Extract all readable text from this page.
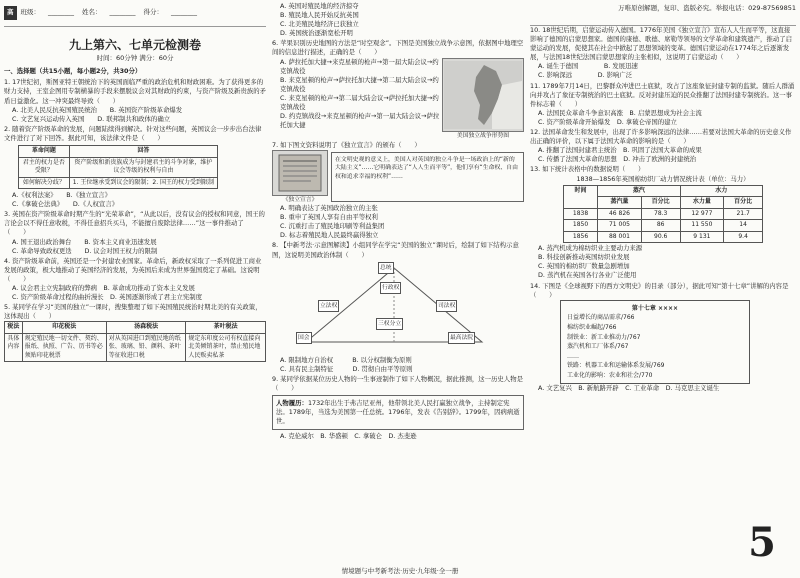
高	班级： ________ 姓名： ________ 得分： ________
九上第六、七单元检测卷
时间：60分钟 满分：60分
一、选择题（共15小题，每小题2分，共30分）
1. 17世纪初，斯图亚特王朝统治下的英国面临严重的政治危机和财政困难。为了获得更多的财力支持，王室企图用专制横暴的手段来摆脱议会对其财政的约束，与资产阶级及新贵族的矛盾日益激化。这一冲突最终导致（　　）
A. 北美人民反抗英国殖民统治　　 B. 英国资产阶级革命爆发
C. 文艺复兴运动传入英国　　 D. 联邦制共和政体的确立
2. 随着资产阶级革命的发展，问题陆续得到解决。针对这些问题，英国议会一步步出台法律文件进行了对下回答。据此可知，该法律文件是（　　）
革命问题	回答
君主的权力是否受限？	资产阶级和新贵族成为与封建君主的斗争对象，维护议会等级的权利与自由
如何解决分歧？	1. 王位继承受到议会的限制；2. 国王的权力受到限制
A.《权利法案》　　 B.《独立宣言》
C.《拿破仑法典》　　 D.《人权宣言》
3. 英国在资产阶级革命时期产生的“光荣革命”，“从此以后，没有议会的授权和同意，国王的言论会以不得任意收税，不得任意招兵买马，不能擅自废除法律……”这一事件推动了（　　）
A. 国王退出政治舞台　　 B. 资本主义商业迅速发展
C. 革命导致政权更迭　　 D. 议会对国王权力的限制
4. 资产阶级革命前，英国还是一个封建农业国家。革命后，新政权采取了一系列促进工商业发展的政策，极大地推动了英国经济的发展，为英国后来成为世界强国奠定了基础。这说明（　　）
A. 议会君主立宪制政府的弊病　 B. 革命成功推动了资本主义发展
C. 资产阶级革命过程的曲折漫长　 D. 英国逐渐形成了君主立宪制度
5. 某同学在学习“美国的独立”一课时，搜集整理了如下英国殖民统治时期北美的有关政策，这体现出（　　）
税法	印花税法	汤森税法	茶叶税法
具体内容	规定殖民地一切文件、契约、报纸、执照、广告、历书等必须贴印花税票	对从英国进口到殖民地的纸张、玻璃、铅、颜料、茶叶等征收进口税	规定东印度公司有权直接向北美倾销茶叶，禁止殖民地人民贩卖私茶
A. 英国对殖民地的经济掠夺
B. 殖民地人民开始反抗英国
C. 北美殖民地经济已获独立
D. 英国统治逐渐宽松开明
6. 苹果识别历史地图的方法是“时空观念”。下图是美国独立战争示意图，依据图中地理空间的信息进行描述，正确的是（　　）
A. 萨拉托加大捷→来克星顿的枪声→第一届大陆会议→约克镇战役
B. 来克星顿的枪声→萨拉托加大捷→第二届大陆会议→约克镇战役
C. 来克星顿的枪声→第二届大陆会议→萨拉托加大捷→约克镇战役
D. 约克镇战役→来克星顿的枪声→第一届大陆会议→萨拉托加大捷
美国独立战争形势图
7. 如下图文资料说明了《独立宣言》的颁布（　　）
《独立宣言》
在文明史观的意义上，美国人对英国的独立斗争是一场政治上的“新的大陆主义”……它明确表达了“人人生而平等”，他们享有“生命权、自由权和追求幸福的权利”……
A. 明确表达了英国政治独立的主张
B. 重申了英国人享有自由平等权利
C. 沉重打击了殖民地印刷等利益集团
D. 标志着殖民地人民最终赢得独立
8. 【中新考法·示意图解读】小组同学在学完“美国的独立”课时后，绘制了如下结构示意图，这说明美国政治体制（　　）
总统
国会	最高法院
立法权
行政权
司法权
三权分立
A. 限制地方自治权　　　	B. 以分权制衡为原则
C. 具有民主制特征　　　	D. 贯彻自由平等原则
9. 某同学依据某位历史人物的一生事迹制作了如下人物概况，据此推测，这一历史人物是（　　）
人物履历：1732年出生于弗吉尼亚州，他带领北美人民打赢独立战争，主持制定宪法。1789年，当选为美国第一任总统。1796年，发表《告别辞》。1799年，因病病逝世。
A. 克伦威尔　 B. 华盛顿　 C. 拿破仑　 D. 杰斐逊
万唯原创解题，复印、盗版必究。举报电话：029-87569851
10. 18世纪后期，启蒙运动传入德国。1776年美国《独立宣言》宣布人人生而平等，这直接影响了德国的启蒙思想家。德国的康德、歌德、席勒等领导的文学革命和建筑遗产，推动了启蒙运动的发展，促使其在社会中掀起了思想领域的变革。德国启蒙运动在1774年之后逐渐发展，与法国18世纪法国启蒙思想家的主张相似，这说明了启蒙运动（　　）
A. 诞生于德国　　　　	B. 发展迅速
C. 影响深远　　　　	D. 影响广泛
11. 1789年7月14日，巴黎群众冲进巴士底狱，攻占了这座象征封建专制的监狱。随后人群涌向并攻占了象征专制统治的巴士底狱。反对封建压迫的民众推翻了法国封建专制统治。这一事件标志着（　　）
A. 法国民众革命斗争意识高涨　 B. 启蒙思想成为社会主流
C. 资产阶级革命开始爆发　 D. 拿破仑帝国的建立
12. 法国革命发生和发展中，出现了许多影响深远的法律……若要对法国大革命的历史意义作出正确的评价，以下属于法国大革命的影响的是（　　）
A. 推翻了法国封建君主统治　 B. 巩固了法国大革命的成果
C. 传播了法国大革命的思想　 D. 冲击了欧洲的封建统治
13. 如下统计表格中的数据说明（　　）
1838—1856年英国棉纺织厂动力情况统计表（单位：马力）
时间	蒸汽		水力	
	蒸汽量	百分比	水力量	百分比
1838	46 826	78.3	12 977	21.7
1850	71 005	86	11 550	14
1856	88 001	90.6	9 131	9.4
A. 蒸汽机成为棉纺织业主要动力来源
B. 科技创新推动英国纺织业发展
C. 英国的棉纺织厂数量急剧增加
D. 蒸汽机在英国各行各业广泛使用
14. 下图是《全球视野下的西方文明史》的目录（部分），据此可知“第十七章”讲解的内容是（　　）
第十七章 ××××
日益增长的商品需求/766
棉纺织业崛起/766
制铁业：新工业推动力/767
蒸汽机和工厂体系/767
……
铁路：机器工业和运输体系发展/769
工业化的影响：农业和社会/770
A. 文艺复兴　 B. 新航路开辟　 C. 工业革命　 D. 马克思主义诞生
5
情境题与中考新考法·历史·九年级·全一册
